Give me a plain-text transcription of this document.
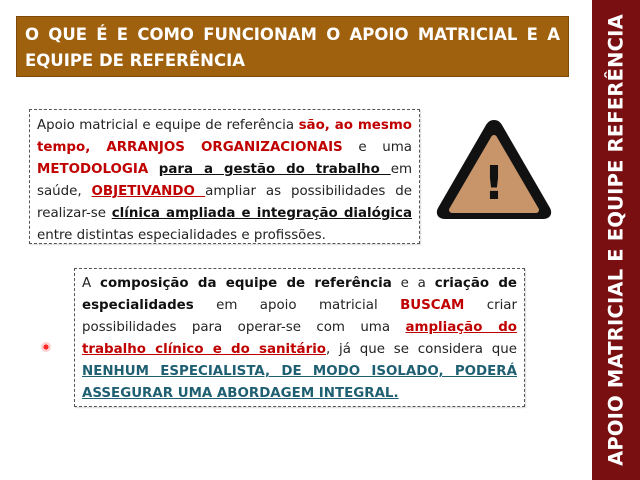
O QUE É E COMO FUNCIONAM O APOIO MATRICIAL E A EQUIPE DE REFERÊNCIA	APOIO MATRICIAL E EQUIPE REFERÊNCIA
Apoio matricial e equipe de referência são, ao mesmo tempo, ARRANJOS ORGANIZACIONAIS e uma METODOLOGIA para a gestão do trabalho em saúde, OBJETIVANDO ampliar as possibilidades de realizar-se clínica ampliada e integração dialógica entre distintas especialidades e profissões.
!
A composição da equipe de referência e a criação de especialidades em apoio matricial BUSCAM criar possibilidades para operar-se com uma ampliação do trabalho clínico e do sanitário, já que se considera que NENHUM ESPECIALISTA, DE MODO ISOLADO, PODERÁ ASSEGURAR UMA ABORDAGEM INTEGRAL.
